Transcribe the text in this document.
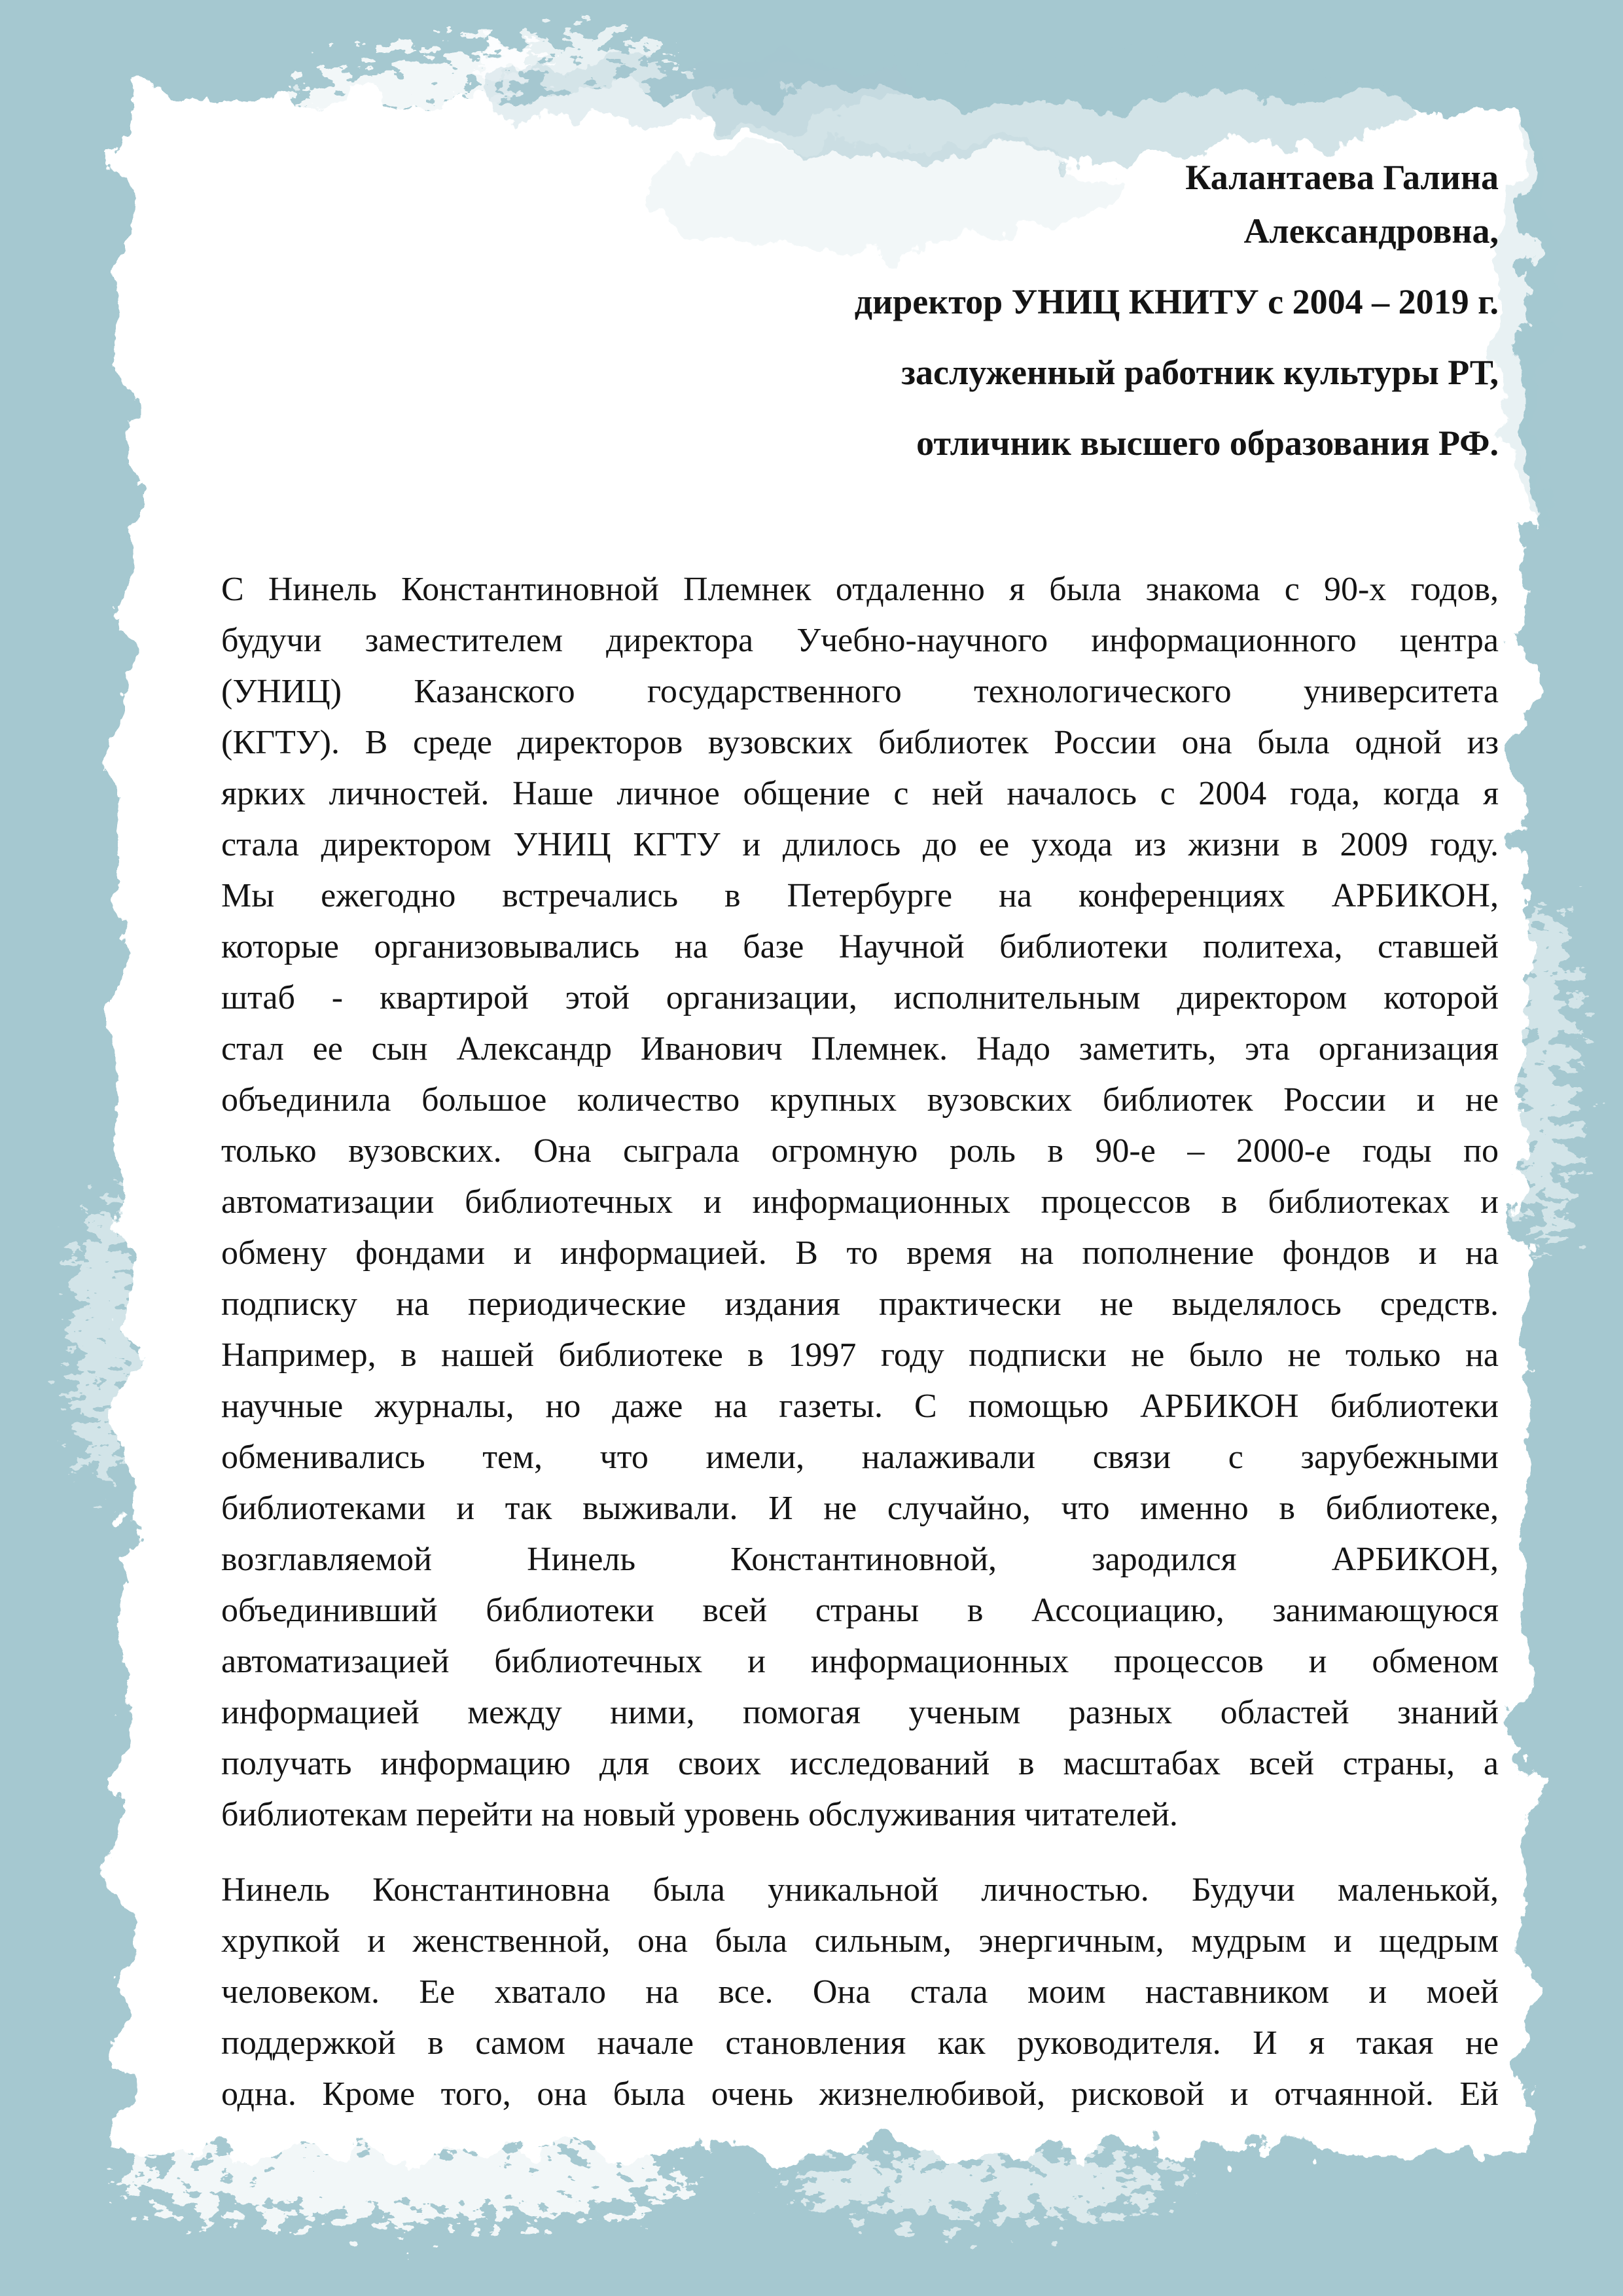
Калантаева Галина
Александровна,
директор УНИЦ КНИТУ с 2004 – 2019 г.
заслуженный работник культуры РТ,
отличник высшего образования РФ.
С Нинель Константиновной Племнек отдаленно я была знакома с 90-х годов,
будучи заместителем директора Учебно-научного информационного центра
(УНИЦ) Казанского государственного технологического университета
(КГТУ). В среде директоров вузовских библиотек России она была одной из
ярких личностей. Наше личное общение с ней началось с 2004 года, когда я
стала директором УНИЦ КГТУ и длилось до ее ухода из жизни в 2009 году.
Мы ежегодно встречались в Петербурге на конференциях АРБИКОН,
которые организовывались на базе Научной библиотеки политеха, ставшей
штаб - квартирой этой организации, исполнительным директором которой
стал ее сын Александр Иванович Племнек. Надо заметить, эта организация
объединила большое количество крупных вузовских библиотек России и не
только вузовских. Она сыграла огромную роль в 90-е – 2000-е годы по
автоматизации библиотечных и информационных процессов в библиотеках и
обмену фондами и информацией. В то время на пополнение фондов и на
подписку на периодические издания практически не выделялось средств.
Например, в нашей библиотеке в 1997 году подписки не было не только на
научные журналы, но даже на газеты. С помощью АРБИКОН библиотеки
обменивались тем, что имели, налаживали связи с зарубежными
библиотеками и так выживали. И не случайно, что именно в библиотеке,
возглавляемой Нинель Константиновной, зародился АРБИКОН,
объединивший библиотеки всей страны в Ассоциацию, занимающуюся
автоматизацией библиотечных и информационных процессов и обменом
информацией между ними, помогая ученым разных областей знаний
получать информацию для своих исследований в масштабах всей страны, а
библиотекам перейти на новый уровень обслуживания читателей.
Нинель Константиновна была уникальной личностью. Будучи маленькой,
хрупкой и женственной, она была сильным, энергичным, мудрым и щедрым
человеком. Ее хватало на все. Она стала моим наставником и моей
поддержкой в самом начале становления как руководителя. И я такая не
одна. Кроме того, она была очень жизнелюбивой, рисковой и отчаянной. Ей
